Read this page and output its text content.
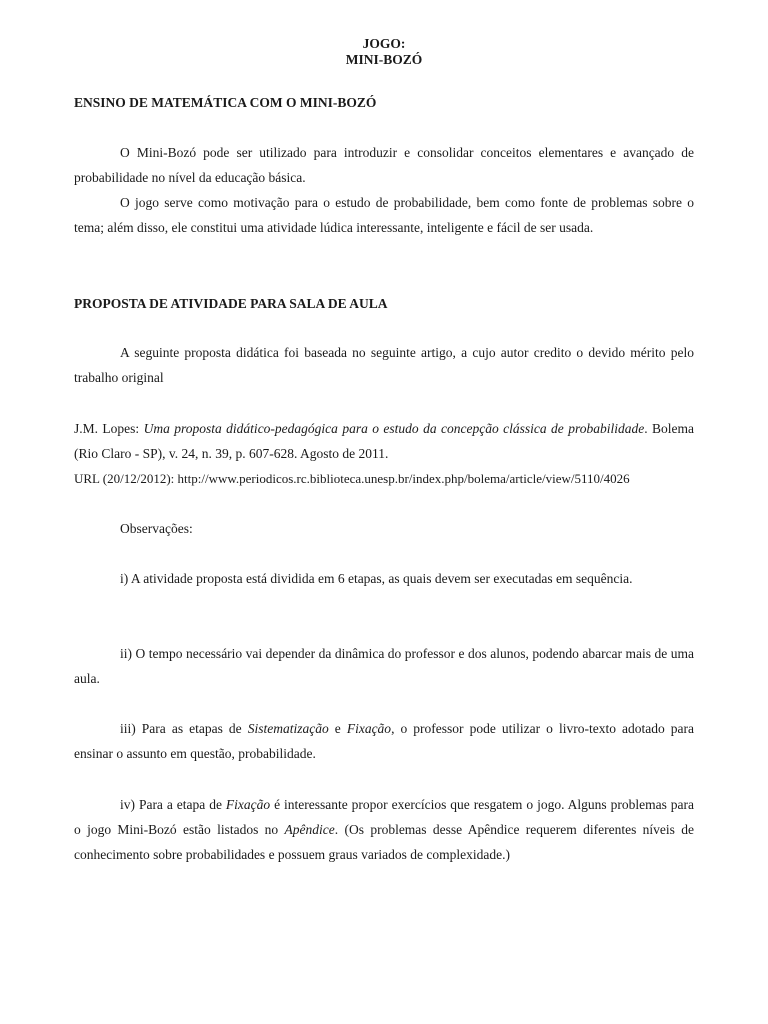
JOGO:
MINI-BOZÓ
ENSINO DE MATEMÁTICA COM O MINI-BOZÓ

O Mini-Bozó pode ser utilizado para introduzir e consolidar conceitos elementares e avançado de probabilidade no nível da educação básica.

O jogo serve como motivação para o estudo de probabilidade, bem como fonte de problemas sobre o tema; além disso, ele constitui uma atividade lúdica interessante, inteligente e fácil de ser usada.

PROPOSTA DE ATIVIDADE PARA SALA DE AULA

A seguinte proposta didática foi baseada no seguinte artigo, a cujo autor credito o devido mérito pelo trabalho original

J.M. Lopes: Uma proposta didático-pedagógica para o estudo da concepção clássica de probabilidade. Bolema (Rio Claro - SP), v. 24, n. 39, p. 607-628. Agosto de 2011.

URL (20/12/2012): http://www.periodicos.rc.biblioteca.unesp.br/index.php/bolema/article/view/5110/4026
Observações:

i) A atividade proposta está dividida em 6 etapas, as quais devem ser executadas em sequência.

ii) O tempo necessário vai depender da dinâmica do professor e dos alunos, podendo abarcar mais de uma aula.

iii) Para as etapas de Sistematização e Fixação, o professor pode utilizar o livro-texto adotado para ensinar o assunto em questão, probabilidade.

iv) Para a etapa de Fixação é interessante propor exercícios que resgatem o jogo. Alguns problemas para o jogo Mini-Bozó estão listados no Apêndice. (Os problemas desse Apêndice requerem diferentes níveis de conhecimento sobre probabilidades e possuem graus variados de complexidade.)
